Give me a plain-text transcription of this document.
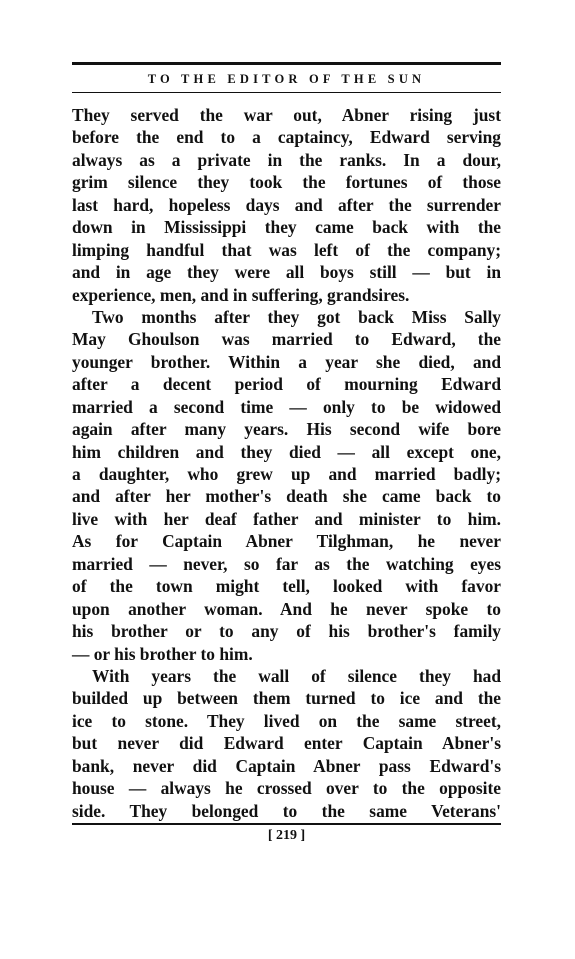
TO THE EDITOR OF THE SUN
They served the war out, Abner rising just
before the end to a captaincy, Edward serving
always as a private in the ranks. In a dour,
grim silence they took the fortunes of those
last hard, hopeless days and after the surrender
down in Mississippi they came back with the
limping handful that was left of the company;
and in age they were all boys still — but in
experience, men, and in suffering, grandsires.
Two months after they got back Miss Sally
May Ghoulson was married to Edward, the
younger brother. Within a year she died, and
after a decent period of mourning Edward
married a second time — only to be widowed
again after many years. His second wife bore
him children and they died — all except one,
a daughter, who grew up and married badly;
and after her mother's death she came back to
live with her deaf father and minister to him.
As for Captain Abner Tilghman, he never
married — never, so far as the watching eyes
of the town might tell, looked with favor
upon another woman. And he never spoke to
his brother or to any of his brother's family
— or his brother to him.
With years the wall of silence they had
builded up between them turned to ice and the
ice to stone. They lived on the same street,
but never did Edward enter Captain Abner's
bank, never did Captain Abner pass Edward's
house — always he crossed over to the opposite
side. They belonged to the same Veterans'
[ 219 ]
